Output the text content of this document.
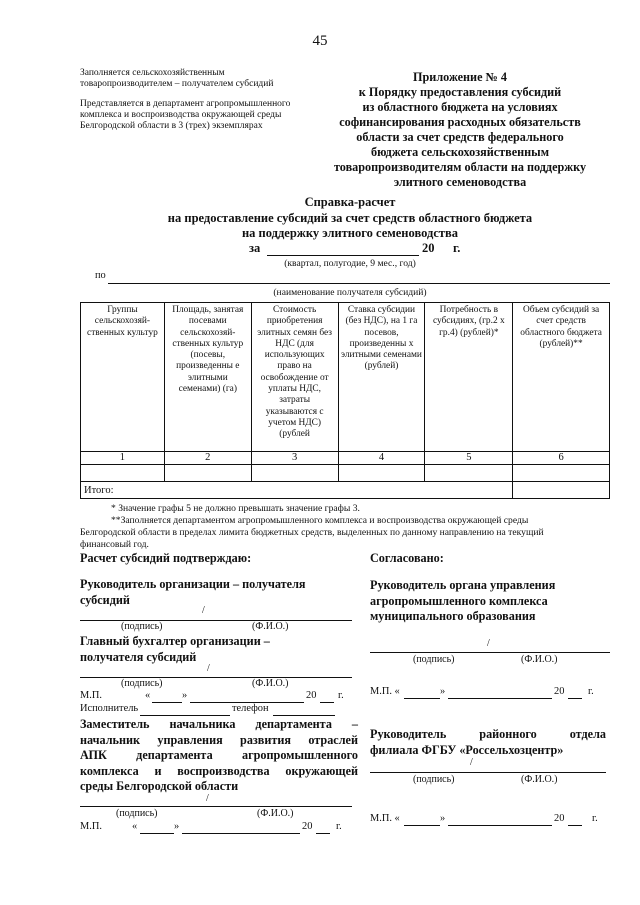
45
Заполняется сельскохозяйственным
товаропроизводителем – получателем субсидий
Представляется в департамент агропромышленного
комплекса и воспроизводства окружающей среды
Белгородской области в 3 (трех) экземплярах
Приложение № 4
к Порядку предоставления субсидий
из областного бюджета на условиях
софинансирования расходных обязательств
области за счет средств федерального
бюджета сельскохозяйственным
товаропроизводителям области на поддержку
элитного семеноводства
Справка-расчет
на предоставление субсидий за счет средств областного бюджета
на поддержку элитного семеноводства
за	20 г.
(квартал, полугодие, 9 мес., год)
по
(наименование получателя субсидий)
Группы сельскохозяй-ственных культур	Площадь, занятая посевами сельскохозяй-ственных культур (посевы, произведенны е элитными семенами) (га)	Стоимость приобретения элитных семян без НДС (для использующих право на освобождение от уплаты НДС, затраты указываются с учетом НДС) (рублей	Ставка субсидии (без НДС), на 1 га посевов, произведенны х элитными семенами (рублей)	Потребность в субсидиях, (гр.2 х гр.4) (рублей)*	Объем субсидий за счет средств областного бюджета (рублей)**
1	2	3	4	5	6

Итого:					
* Значение графы 5 не должно превышать значение графы 3.
**Заполняется департаментом агропромышленного комплекса и воспроизводства окружающей среды
Белгородской области в пределах лимита бюджетных средств, выделенных по данному направлению на текущий
финансовый год.
Расчет субсидий подтверждаю:
Руководитель организации – получателя
субсидий
/
(подпись)	(Ф.И.О.)
Главный бухгалтер организации –
получателя субсидий
/
(подпись)	(Ф.И.О.)
М.П.	«	»	20 г.
Исполнитель	телефон
Заместитель начальника департамента –
начальник управления развития отраслей
АПК департамента агропромышленного
комплекса и воспроизводства окружающей
среды Белгородской области
/
(подпись)	(Ф.И.О.)
М.П.	«	»	20 г.
Согласовано:
Руководитель органа управления
агропромышленного комплекса
муниципального образования
/
(подпись)	(Ф.И.О.)
М.П. «	»	20 г.
Руководитель районного отдела
филиала ФГБУ «Россельхозцентр»
/
(подпись)	(Ф.И.О.)
М.П. «	»	20	г.
